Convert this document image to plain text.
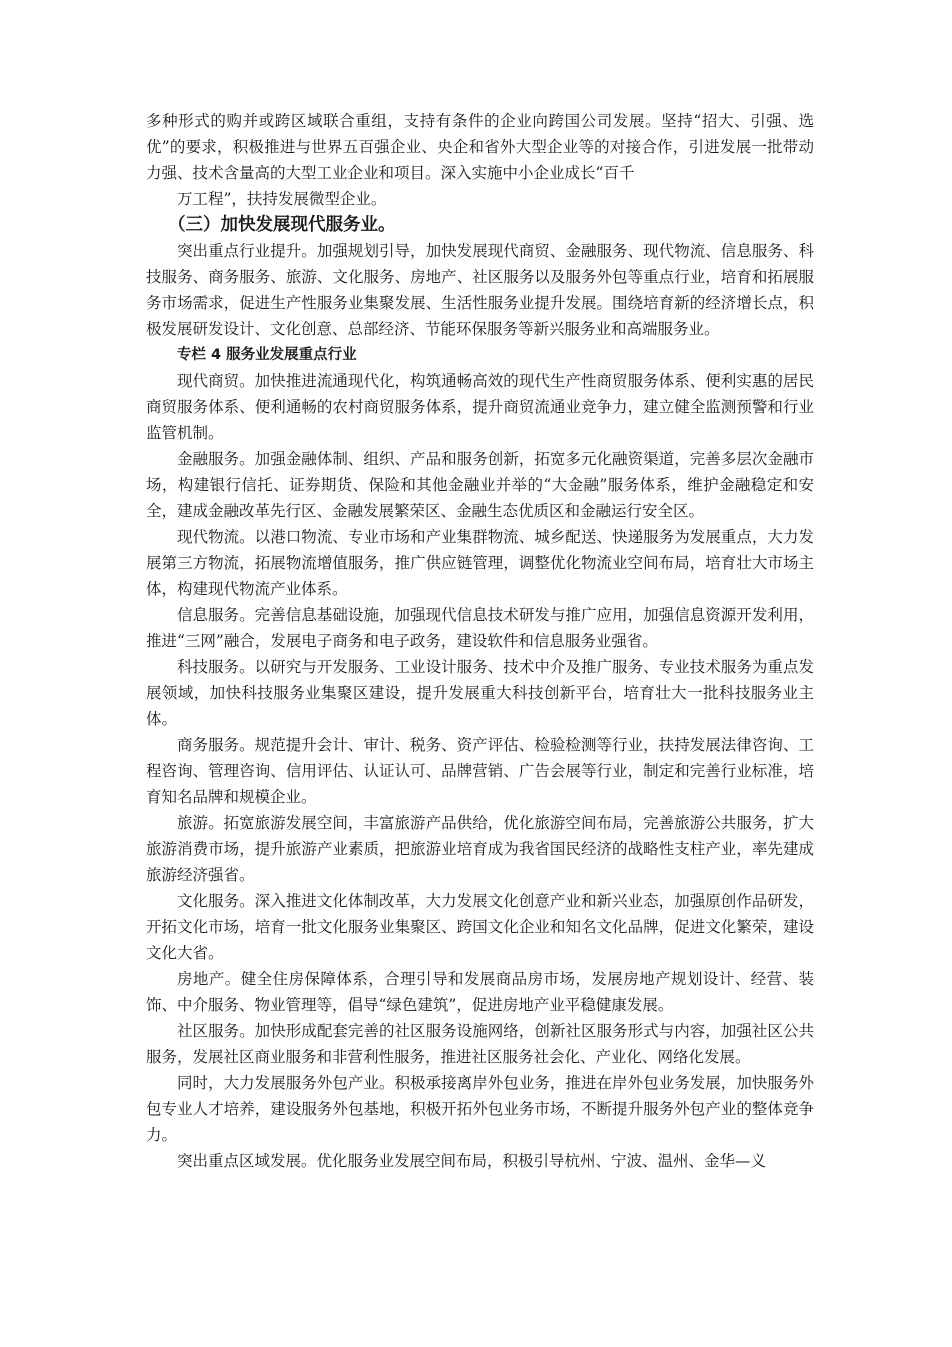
多种形式的购并或跨区域联合重组，支持有条件的企业向跨国公司发展。坚持“招大、引强、选优”的要求，积极推进与世界五百强企业、央企和省外大型企业等的对接合作，引进发展一批带动力强、技术含量高的大型工业企业和项目。深入实施中小企业成长“百千

万工程”，扶持发展微型企业。

（三）加快发展现代服务业。

突出重点行业提升。加强规划引导，加快发展现代商贸、金融服务、现代物流、信息服务、科技服务、商务服务、旅游、文化服务、房地产、社区服务以及服务外包等重点行业，培育和拓展服务市场需求，促进生产性服务业集聚发展、生活性服务业提升发展。围绕培育新的经济增长点，积极发展研发设计、文化创意、总部经济、节能环保服务等新兴服务业和高端服务业。

专栏 4 服务业发展重点行业

现代商贸。加快推进流通现代化，构筑通畅高效的现代生产性商贸服务体系、便利实惠的居民商贸服务体系、便利通畅的农村商贸服务体系，提升商贸流通业竞争力，建立健全监测预警和行业监管机制。

金融服务。加强金融体制、组织、产品和服务创新，拓宽多元化融资渠道，完善多层次金融市场，构建银行信托、证券期货、保险和其他金融业并举的“大金融”服务体系，维护金融稳定和安全，建成金融改革先行区、金融发展繁荣区、金融生态优质区和金融运行安全区。

现代物流。以港口物流、专业市场和产业集群物流、城乡配送、快递服务为发展重点，大力发展第三方物流，拓展物流增值服务，推广供应链管理，调整优化物流业空间布局，培育壮大市场主体，构建现代物流产业体系。

信息服务。完善信息基础设施，加强现代信息技术研发与推广应用，加强信息资源开发利用，推进“三网”融合，发展电子商务和电子政务，建设软件和信息服务业强省。

科技服务。以研究与开发服务、工业设计服务、技术中介及推广服务、专业技术服务为重点发展领域，加快科技服务业集聚区建设，提升发展重大科技创新平台，培育壮大一批科技服务业主体。

商务服务。规范提升会计、审计、税务、资产评估、检验检测等行业，扶持发展法律咨询、工程咨询、管理咨询、信用评估、认证认可、品牌营销、广告会展等行业，制定和完善行业标准，培育知名品牌和规模企业。

旅游。拓宽旅游发展空间，丰富旅游产品供给，优化旅游空间布局，完善旅游公共服务，扩大旅游消费市场，提升旅游产业素质，把旅游业培育成为我省国民经济的战略性支柱产业，率先建成旅游经济强省。

文化服务。深入推进文化体制改革，大力发展文化创意产业和新兴业态，加强原创作品研发，开拓文化市场，培育一批文化服务业集聚区、跨国文化企业和知名文化品牌，促进文化繁荣，建设文化大省。

房地产。健全住房保障体系，合理引导和发展商品房市场，发展房地产规划设计、经营、装饰、中介服务、物业管理等，倡导“绿色建筑”，促进房地产业平稳健康发展。

社区服务。加快形成配套完善的社区服务设施网络，创新社区服务形式与内容，加强社区公共服务，发展社区商业服务和非营利性服务，推进社区服务社会化、产业化、网络化发展。

同时，大力发展服务外包产业。积极承接离岸外包业务，推进在岸外包业务发展，加快服务外包专业人才培养，建设服务外包基地，积极开拓外包业务市场，不断提升服务外包产业的整体竞争力。

突出重点区域发展。优化服务业发展空间布局，积极引导杭州、宁波、温州、金华—义
